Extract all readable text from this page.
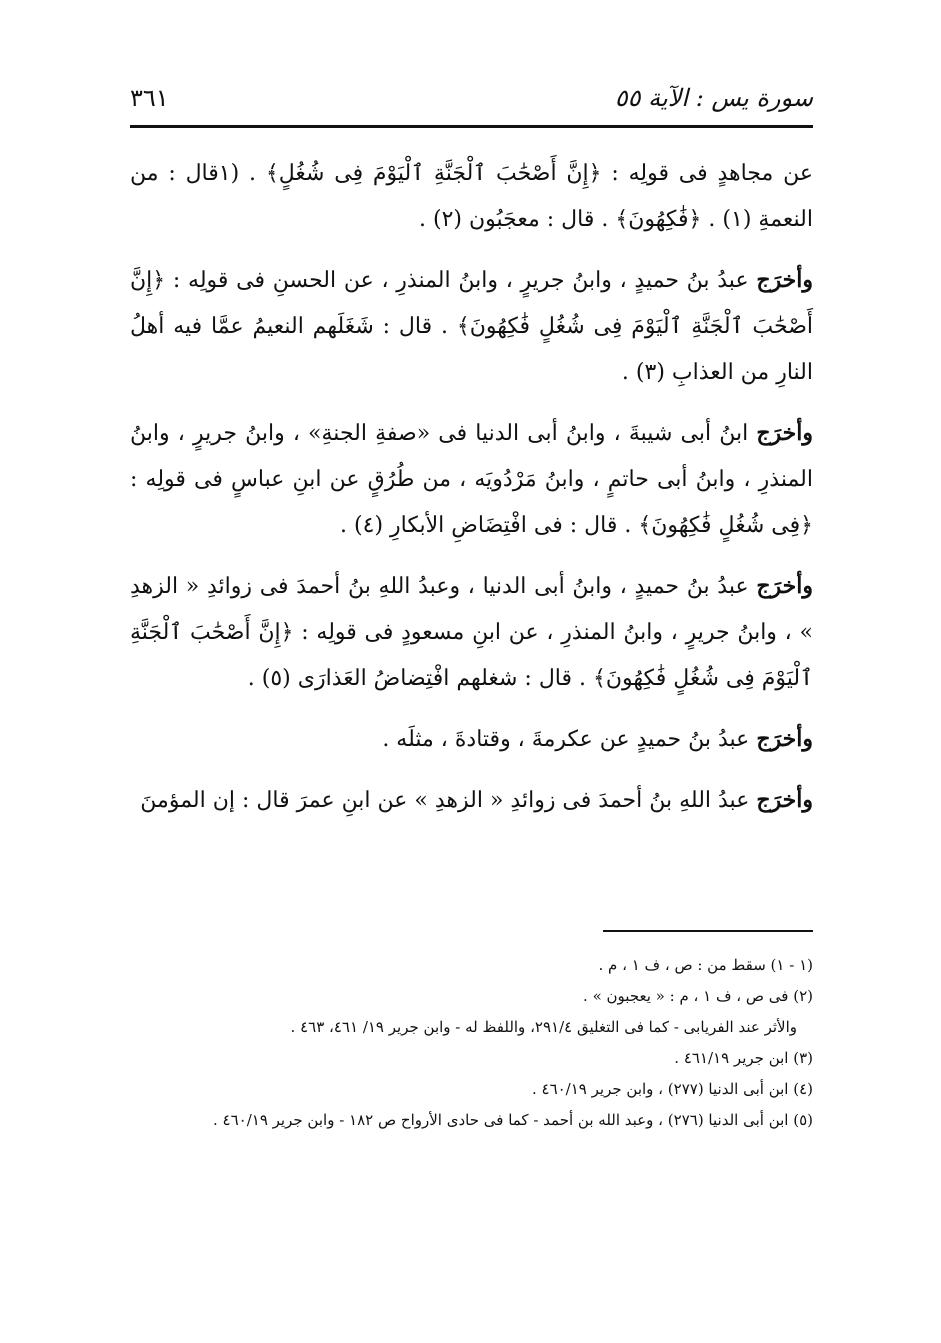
سورة يس : الآية ٥٥
٣٦١

عن مجاهدٍ فى قولِه : ﴿إِنَّ أَصْحَٰبَ ٱلْجَنَّةِ ٱلْيَوْمَ فِى شُغُلٍ﴾ . (١قال : من النعمةِ (١) . ﴿فَٰكِهُونَ﴾ . قال : معجَبُون (٢) .

وأخرَج عبدُ بنُ حميدٍ ، وابنُ جريرٍ ، وابنُ المنذرِ ، عن الحسنِ فى قولِه : ﴿إِنَّ أَصْحَٰبَ ٱلْجَنَّةِ ٱلْيَوْمَ فِى شُغُلٍ فَٰكِهُونَ﴾ . قال : شَغَلَهم النعيمُ عمَّا فيه أهلُ النارِ من العذابِ (٣) .

وأخرَج ابنُ أبى شيبةَ ، وابنُ أبى الدنيا فى «صفةِ الجنةِ» ، وابنُ جريرٍ ، وابنُ المنذرِ ، وابنُ أبى حاتمٍ ، وابنُ مَرْدُويَه ، من طُرُقٍ عن ابنِ عباسٍ فى قولِه : ﴿فِى شُغُلٍ فَٰكِهُونَ﴾ . قال : فى افْتِضَاضِ الأبكارِ (٤) .

وأخرَج عبدُ بنُ حميدٍ ، وابنُ أبى الدنيا ، وعبدُ اللهِ بنُ أحمدَ فى زوائدِ « الزهدِ » ، وابنُ جريرٍ ، وابنُ المنذرِ ، عن ابنِ مسعودٍ فى قولِه : ﴿إِنَّ أَصْحَٰبَ ٱلْجَنَّةِ ٱلْيَوْمَ فِى شُغُلٍ فَٰكِهُونَ﴾ . قال : شغلهم افْتِضاضُ العَذارَى (٥) .

وأخرَج عبدُ بنُ حميدٍ عن عكرمةَ ، وقتادةَ ، مثلَه .

وأخرَج عبدُ اللهِ بنُ أحمدَ فى زوائدِ « الزهدِ » عن ابنِ عمرَ قال : إن المؤمنَ

(١ - ١) سقط من : ص ، ف ١ ، م .
(٢) فى ص ، ف ١ ، م : « يعجبون » .
والأثر عند الفريابى - كما فى التغليق ٢٩١/٤، واللفظ له - وابن جرير ١٩/ ٤٦١، ٤٦٣ .
(٣) ابن جرير ٤٦١/١٩ .
(٤) ابن أبى الدنيا (٢٧٧) ، وابن جرير ٤٦٠/١٩ .
(٥) ابن أبى الدنيا (٢٧٦) ، وعبد الله بن أحمد - كما فى حادى الأرواح ص ١٨٢ - وابن جرير ٤٦٠/١٩ .
